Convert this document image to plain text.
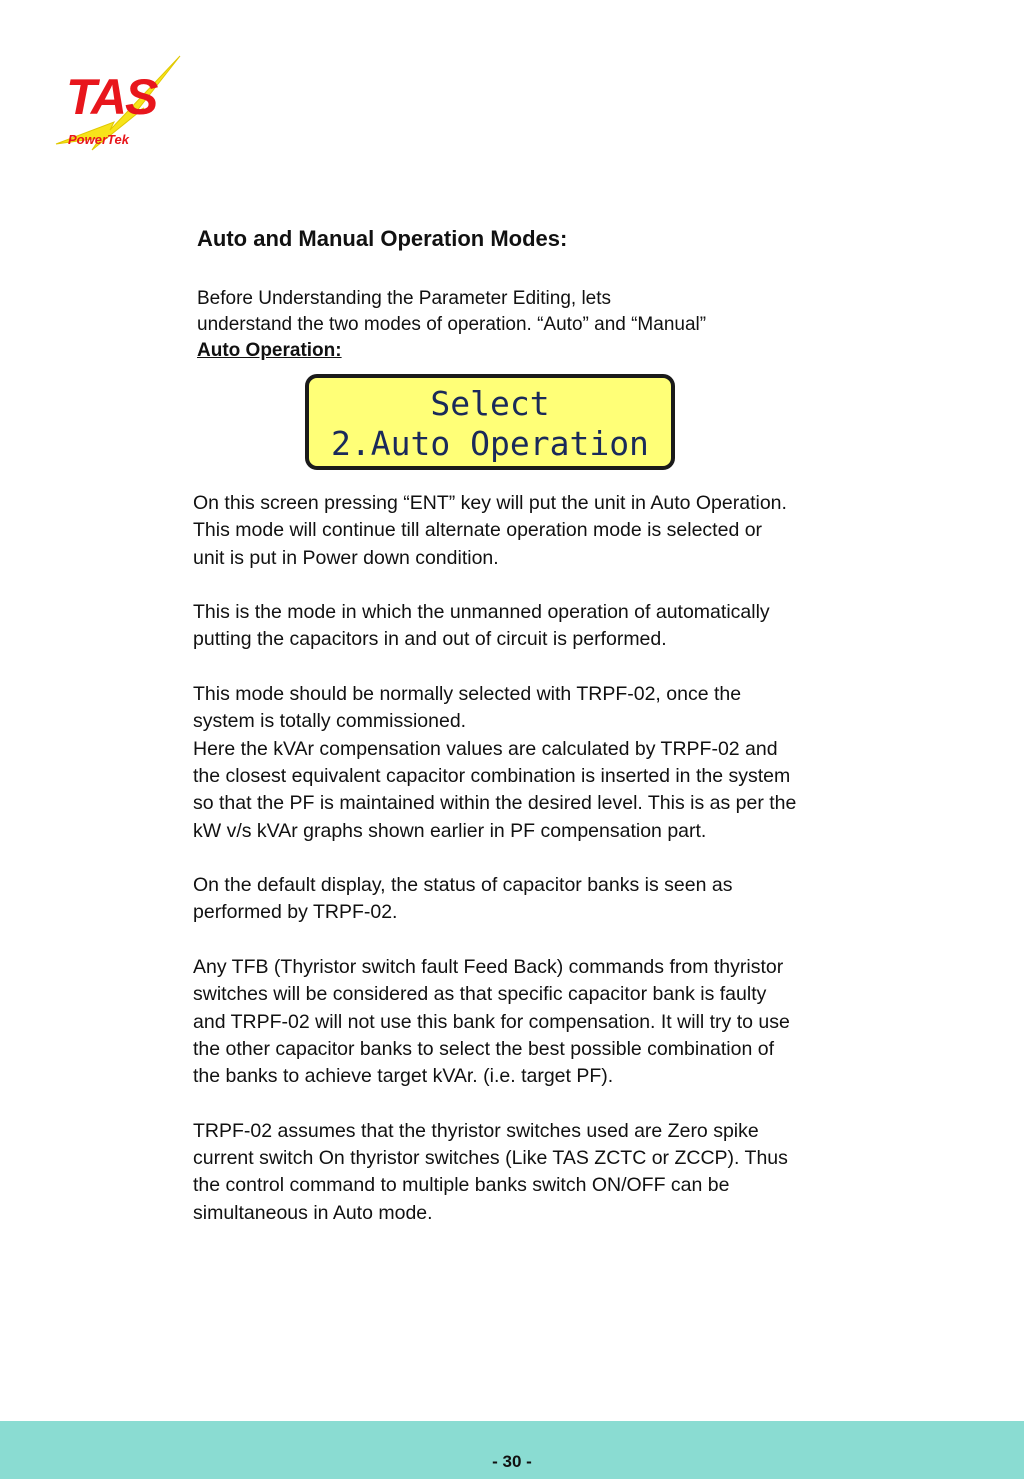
TAS
PowerTek
Auto and Manual Operation Modes:
Before Understanding the Parameter Editing, lets
understand the two modes of operation. “Auto” and “Manual”
Auto Operation:
Select
2.Auto Operation

On this screen pressing “ENT” key will put the unit in Auto Operation.
This mode will continue till alternate operation mode is selected or
unit is put in Power down condition.

This is the mode in which the unmanned operation of automatically
putting the capacitors in and out of circuit is performed.

This mode should be normally selected with TRPF-02, once the
system is totally commissioned.
Here the kVAr compensation values are calculated by TRPF-02 and
the closest equivalent capacitor combination is inserted in the system
so that the PF is maintained within the desired level. This is as per the
kW v/s kVAr graphs shown earlier in PF compensation part.

On the default display, the status of capacitor banks is seen as
performed by TRPF-02.

Any TFB (Thyristor switch fault Feed Back) commands from thyristor
switches will be considered as that specific capacitor bank is faulty
and TRPF-02 will not use this bank for compensation. It will try to use
the other capacitor banks to select the best possible combination of
the banks to achieve target kVAr. (i.e. target PF).

TRPF-02 assumes that the thyristor switches used are Zero spike
current switch On thyristor switches (Like TAS ZCTC or ZCCP). Thus
the control command to multiple banks switch ON/OFF can be
simultaneous in Auto mode.

- 30 -
